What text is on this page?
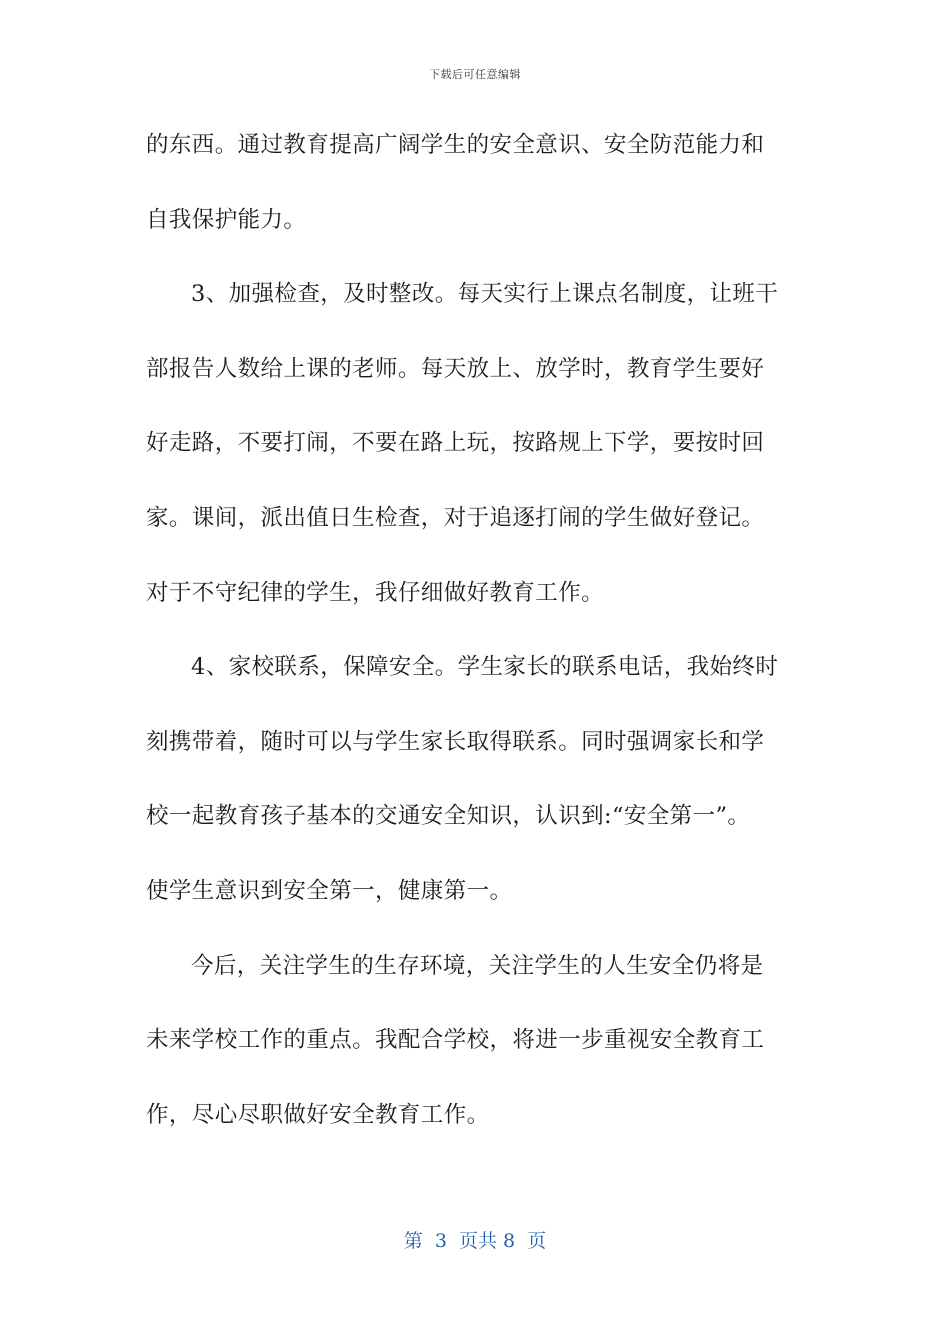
下载后可任意编辑
的东西。通过教育提高广阔学生的安全意识、安全防范能力和
自我保护能力。
3、加强检查，及时整改。每天实行上课点名制度，让班干
部报告人数给上课的老师。每天放上、放学时，教育学生要好
好走路，不要打闹，不要在路上玩，按路规上下学，要按时回
家。课间，派出值日生检查，对于追逐打闹的学生做好登记。
对于不守纪律的学生，我仔细做好教育工作。
4、家校联系，保障安全。学生家长的联系电话，我始终时
刻携带着，随时可以与学生家长取得联系。同时强调家长和学
校一起教育孩子基本的交通安全知识，认识到:“安全第一”。
使学生意识到安全第一，健康第一。
今后，关注学生的生存环境，关注学生的人生安全仍将是
未来学校工作的重点。我配合学校，将进一步重视安全教育工
作，尽心尽职做好安全教育工作。
第  3  页共 8  页
